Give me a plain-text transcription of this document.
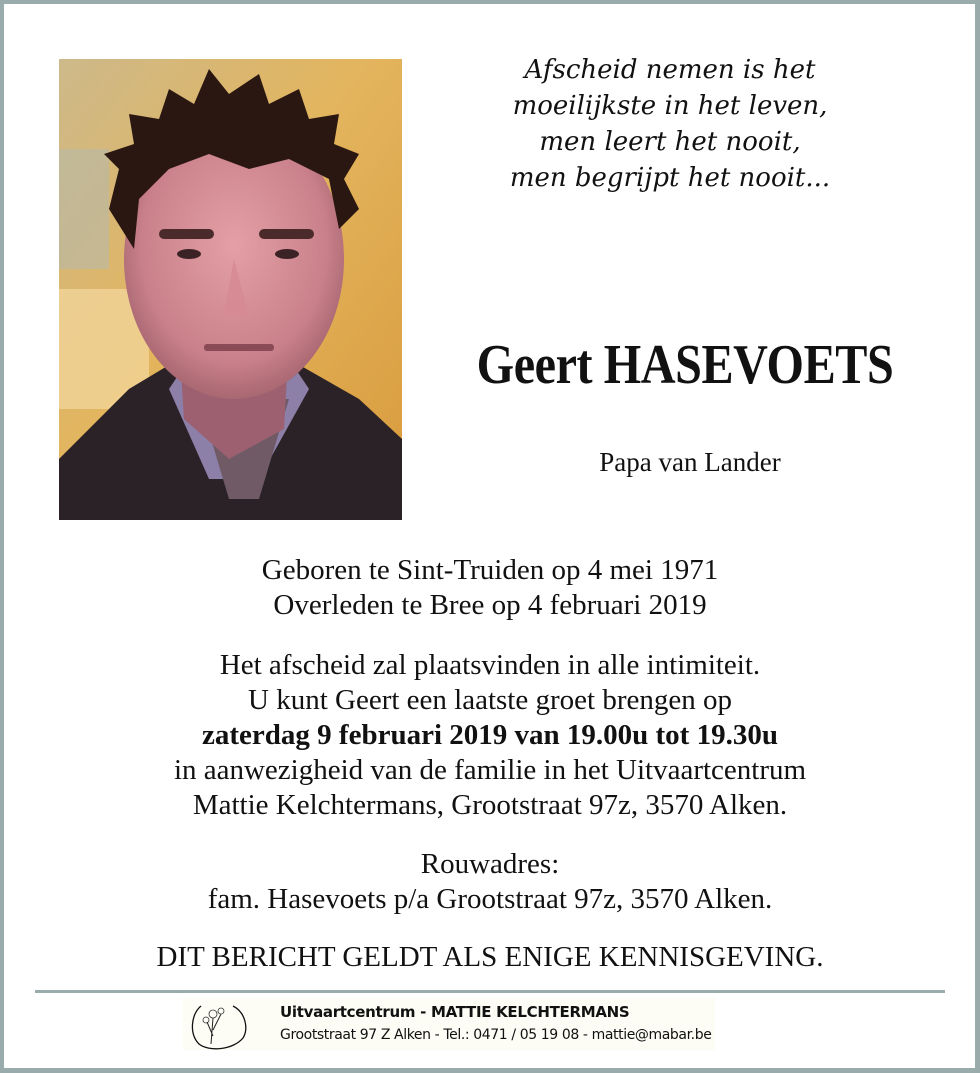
Afscheid nemen is het
moeilijkste in het leven,
men leert het nooit,
men begrijpt het nooit...
Geert HASEVOETS
Papa van Lander
Geboren te Sint-Truiden op 4 mei 1971
Overleden te Bree op 4 februari 2019
Het afscheid zal plaatsvinden in alle intimiteit.
U kunt Geert een laatste groet brengen op
zaterdag 9 februari 2019 van 19.00u tot 19.30u
in aanwezigheid van de familie in het Uitvaartcentrum
Mattie Kelchtermans, Grootstraat 97z, 3570 Alken.
Rouwadres:
fam. Hasevoets p/a Grootstraat 97z, 3570 Alken.
DIT BERICHT GELDT ALS ENIGE KENNISGEVING.
Uitvaartcentrum - MATTIE KELCHTERMANS
Grootstraat 97 Z Alken - Tel.: 0471 / 05 19 08 - mattie@mabar.be
